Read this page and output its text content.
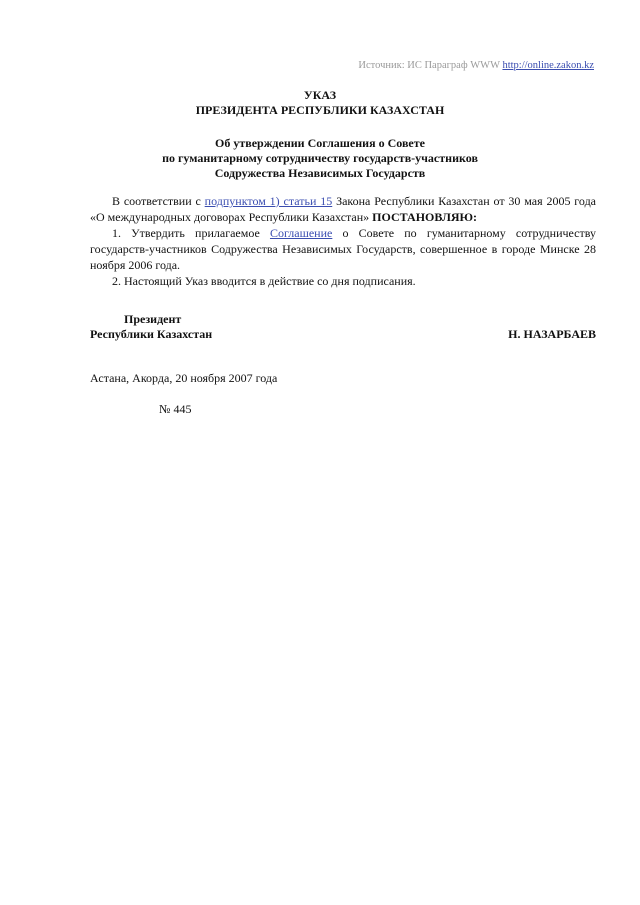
Источник: ИС Параграф WWW http://online.zakon.kz
УКАЗ
ПРЕЗИДЕНТА РЕСПУБЛИКИ КАЗАХСТАН
Об утверждении Соглашения о Совете
по гуманитарному сотрудничеству государств-участников
Содружества Независимых Государств

В соответствии с подпунктом 1) статьи 15 Закона Республики Казахстан от 30 мая 2005 года «О международных договорах Республики Казахстан» ПОСТАНОВЛЯЮ:

1. Утвердить прилагаемое Соглашение о Совете по гуманитарному сотрудничеству государств-участников Содружества Независимых Государств, совершенное в городе Минске 28 ноября 2006 года.

2. Настоящий Указ вводится в действие со дня подписания.

Президент
Республики Казахстан	Н. НАЗАРБАЕВ
Астана, Акорда, 20 ноября 2007 года
№ 445
